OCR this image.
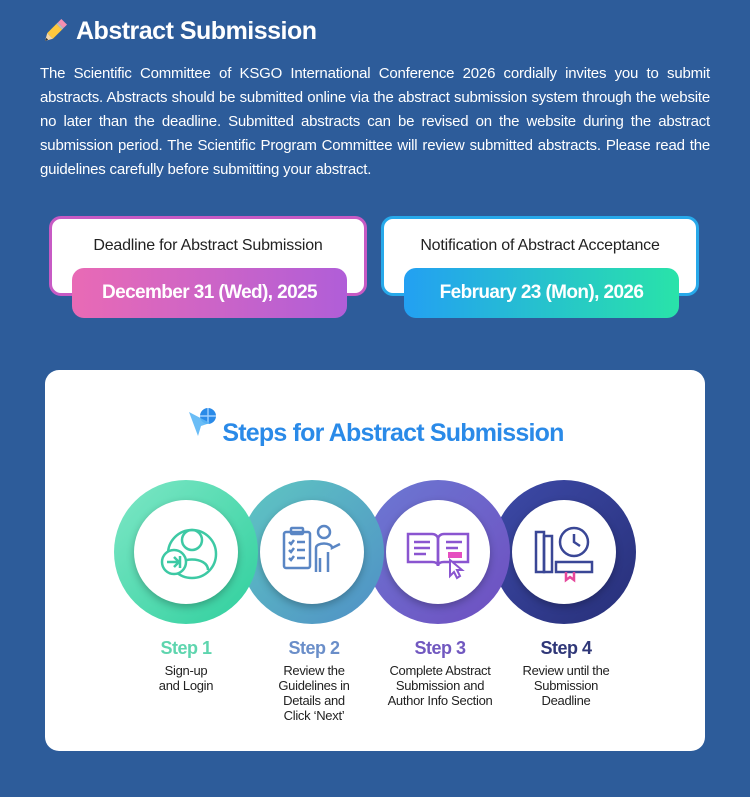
Abstract Submission
The Scientific Committee of KSGO International Conference 2026 cordially invites you to submit abstracts. Abstracts should be submitted online via the abstract submission system through the website no later than the deadline. Submitted abstracts can be revised on the website during the abstract submission period. The Scientific Program Committee will review submitted abstracts. Please read the guidelines carefully before submitting your abstract.
Deadline for Abstract Submission
December 31 (Wed), 2025
Notification of Abstract Acceptance
February 23 (Mon), 2026
Steps for Abstract Submission
Step 1
Sign-up
and Login
Step 2
Review the
Guidelines in
Details and
Click ‘Next’
Step 3
Complete Abstract
Submission and
Author Info Section
Step 4
Review until the
Submission
Deadline
